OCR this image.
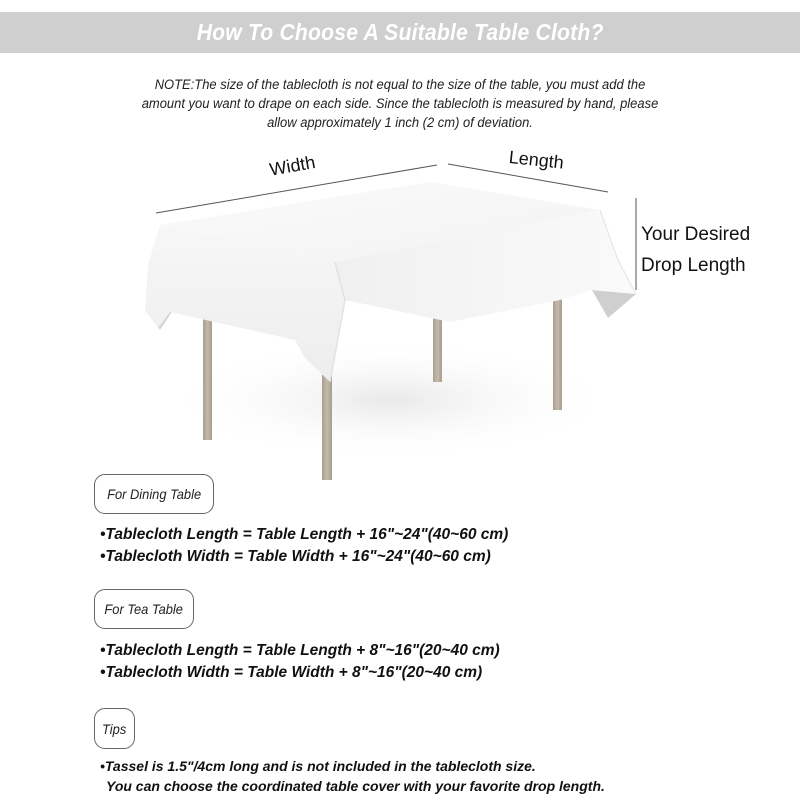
How To Choose A Suitable Table Cloth?
NOTE:The size of the tablecloth is not equal to the size of the table, you must add the
amount you want to drape on each side. Since the tablecloth is measured by hand, please
allow approximately 1 inch (2 cm) of deviation.
Width	Length
Your Desired
Drop Length
For Dining Table
•Tablecloth Length = Table Length + 16"~24"(40~60 cm)
•Tablecloth Width = Table Width + 16"~24"(40~60 cm)
For Tea Table
•Tablecloth Length = Table Length + 8"~16"(20~40 cm)
•Tablecloth Width = Table Width + 8"~16"(20~40 cm)
Tips
•Tassel is 1.5"/4cm long and is not included in the tablecloth size.
You can choose the coordinated table cover with your favorite drop length.
